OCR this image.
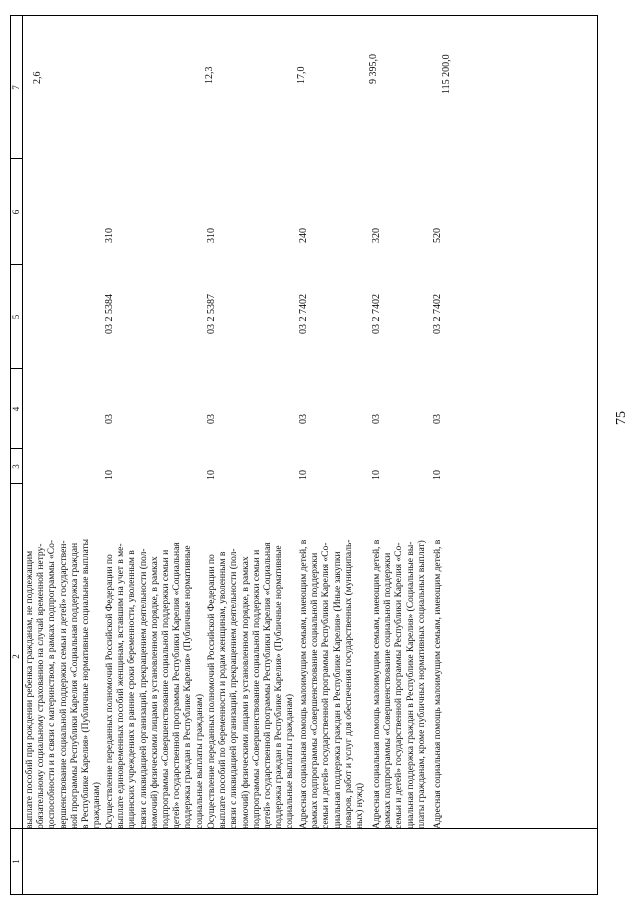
75
1
2
3
4
5
6
7
выплате пособий при рождении ребенка гражданам, не подлежащим обязательному социальному страхованию на случай временной нетру- доспособности и в связи с материнством, в рамках подпрограммы «Со- вершенствование социальной поддержки семьи и детей» государствен- ной программы Республики Карелия «Социальная поддержка граждан в Республике Карелия» (Публичные нормативные социальные выплаты гражданам)
2,6
Осуществление переданных полномочий Российской Федерации по выплате единовременных пособий женщинам, вставшим на учет в ме- дицинских учреждениях в ранние сроки беременности, уволенным в связи с ликвидацией организаций, прекращением деятельности (пол- номочий) физическими лицами в установленном порядке, в рамках подпрограммы «Совершенствование социальной поддержки семьи и детей» государственной программы Республики Карелия «Социальная поддержка граждан в Республике Карелия» (Публичные нормативные социальные выплаты гражданам)
10
03
03 2 5384
310
12,3
Осуществление переданных полномочий Российской Федерации по выплате пособий по беременности и родам женщинам, уволенным в связи с ликвидацией организаций, прекращением деятельности (пол- номочий) физическими лицами в установленном порядке, в рамках подпрограммы «Совершенствование социальной поддержки семьи и детей» государственной программы Республики Карелия «Социальная поддержка граждан в Республике Карелия» (Публичные нормативные социальные выплаты гражданам)
10
03
03 2 5387
310
17,0
Адресная социальная помощь малоимущим семьям, имеющим детей, в рамках подпрограммы «Совершенствование социальной поддержки семьи и детей» государственной программы Республики Карелия «Со- циальная поддержка граждан в Республике Карелия» (Иные закупки товаров, работ и услуг для обеспечения государственных (муниципаль- ных) нужд)
10
03
03 2 7402
240
9 395,0
Адресная социальная помощь малоимущим семьям, имеющим детей, в рамках подпрограммы «Совершенствование социальной поддержки семьи и детей» государственной программы Республики Карелия «Со- циальная поддержка граждан в Республике Карелия» (Социальные вы- платы гражданам, кроме публичных нормативных социальных выплат)
10
03
03 2 7402
320
115 200,0
Адресная социальная помощь малоимущим семьям, имеющим детей, в
10
03
03 2 7402
520
